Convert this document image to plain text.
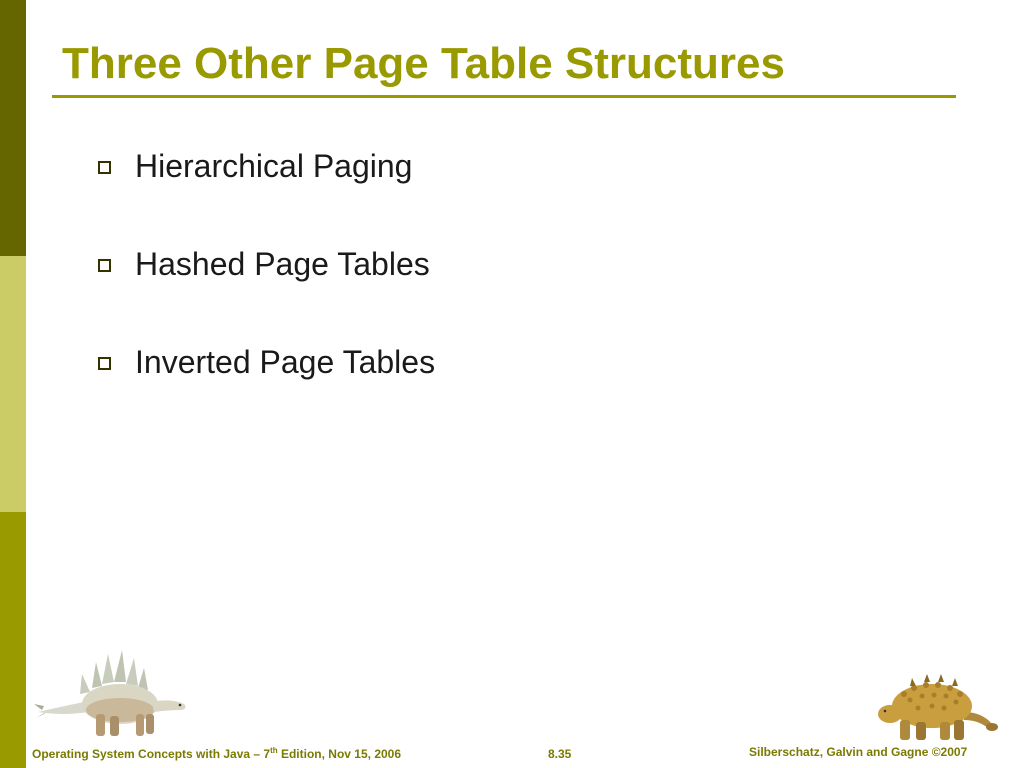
Three Other Page Table Structures
Hierarchical Paging
Hashed Page Tables
Inverted Page Tables
Operating System Concepts with Java – 7th Edition, Nov 15, 2006	8.35	Silberschatz, Galvin and Gagne ©2007
